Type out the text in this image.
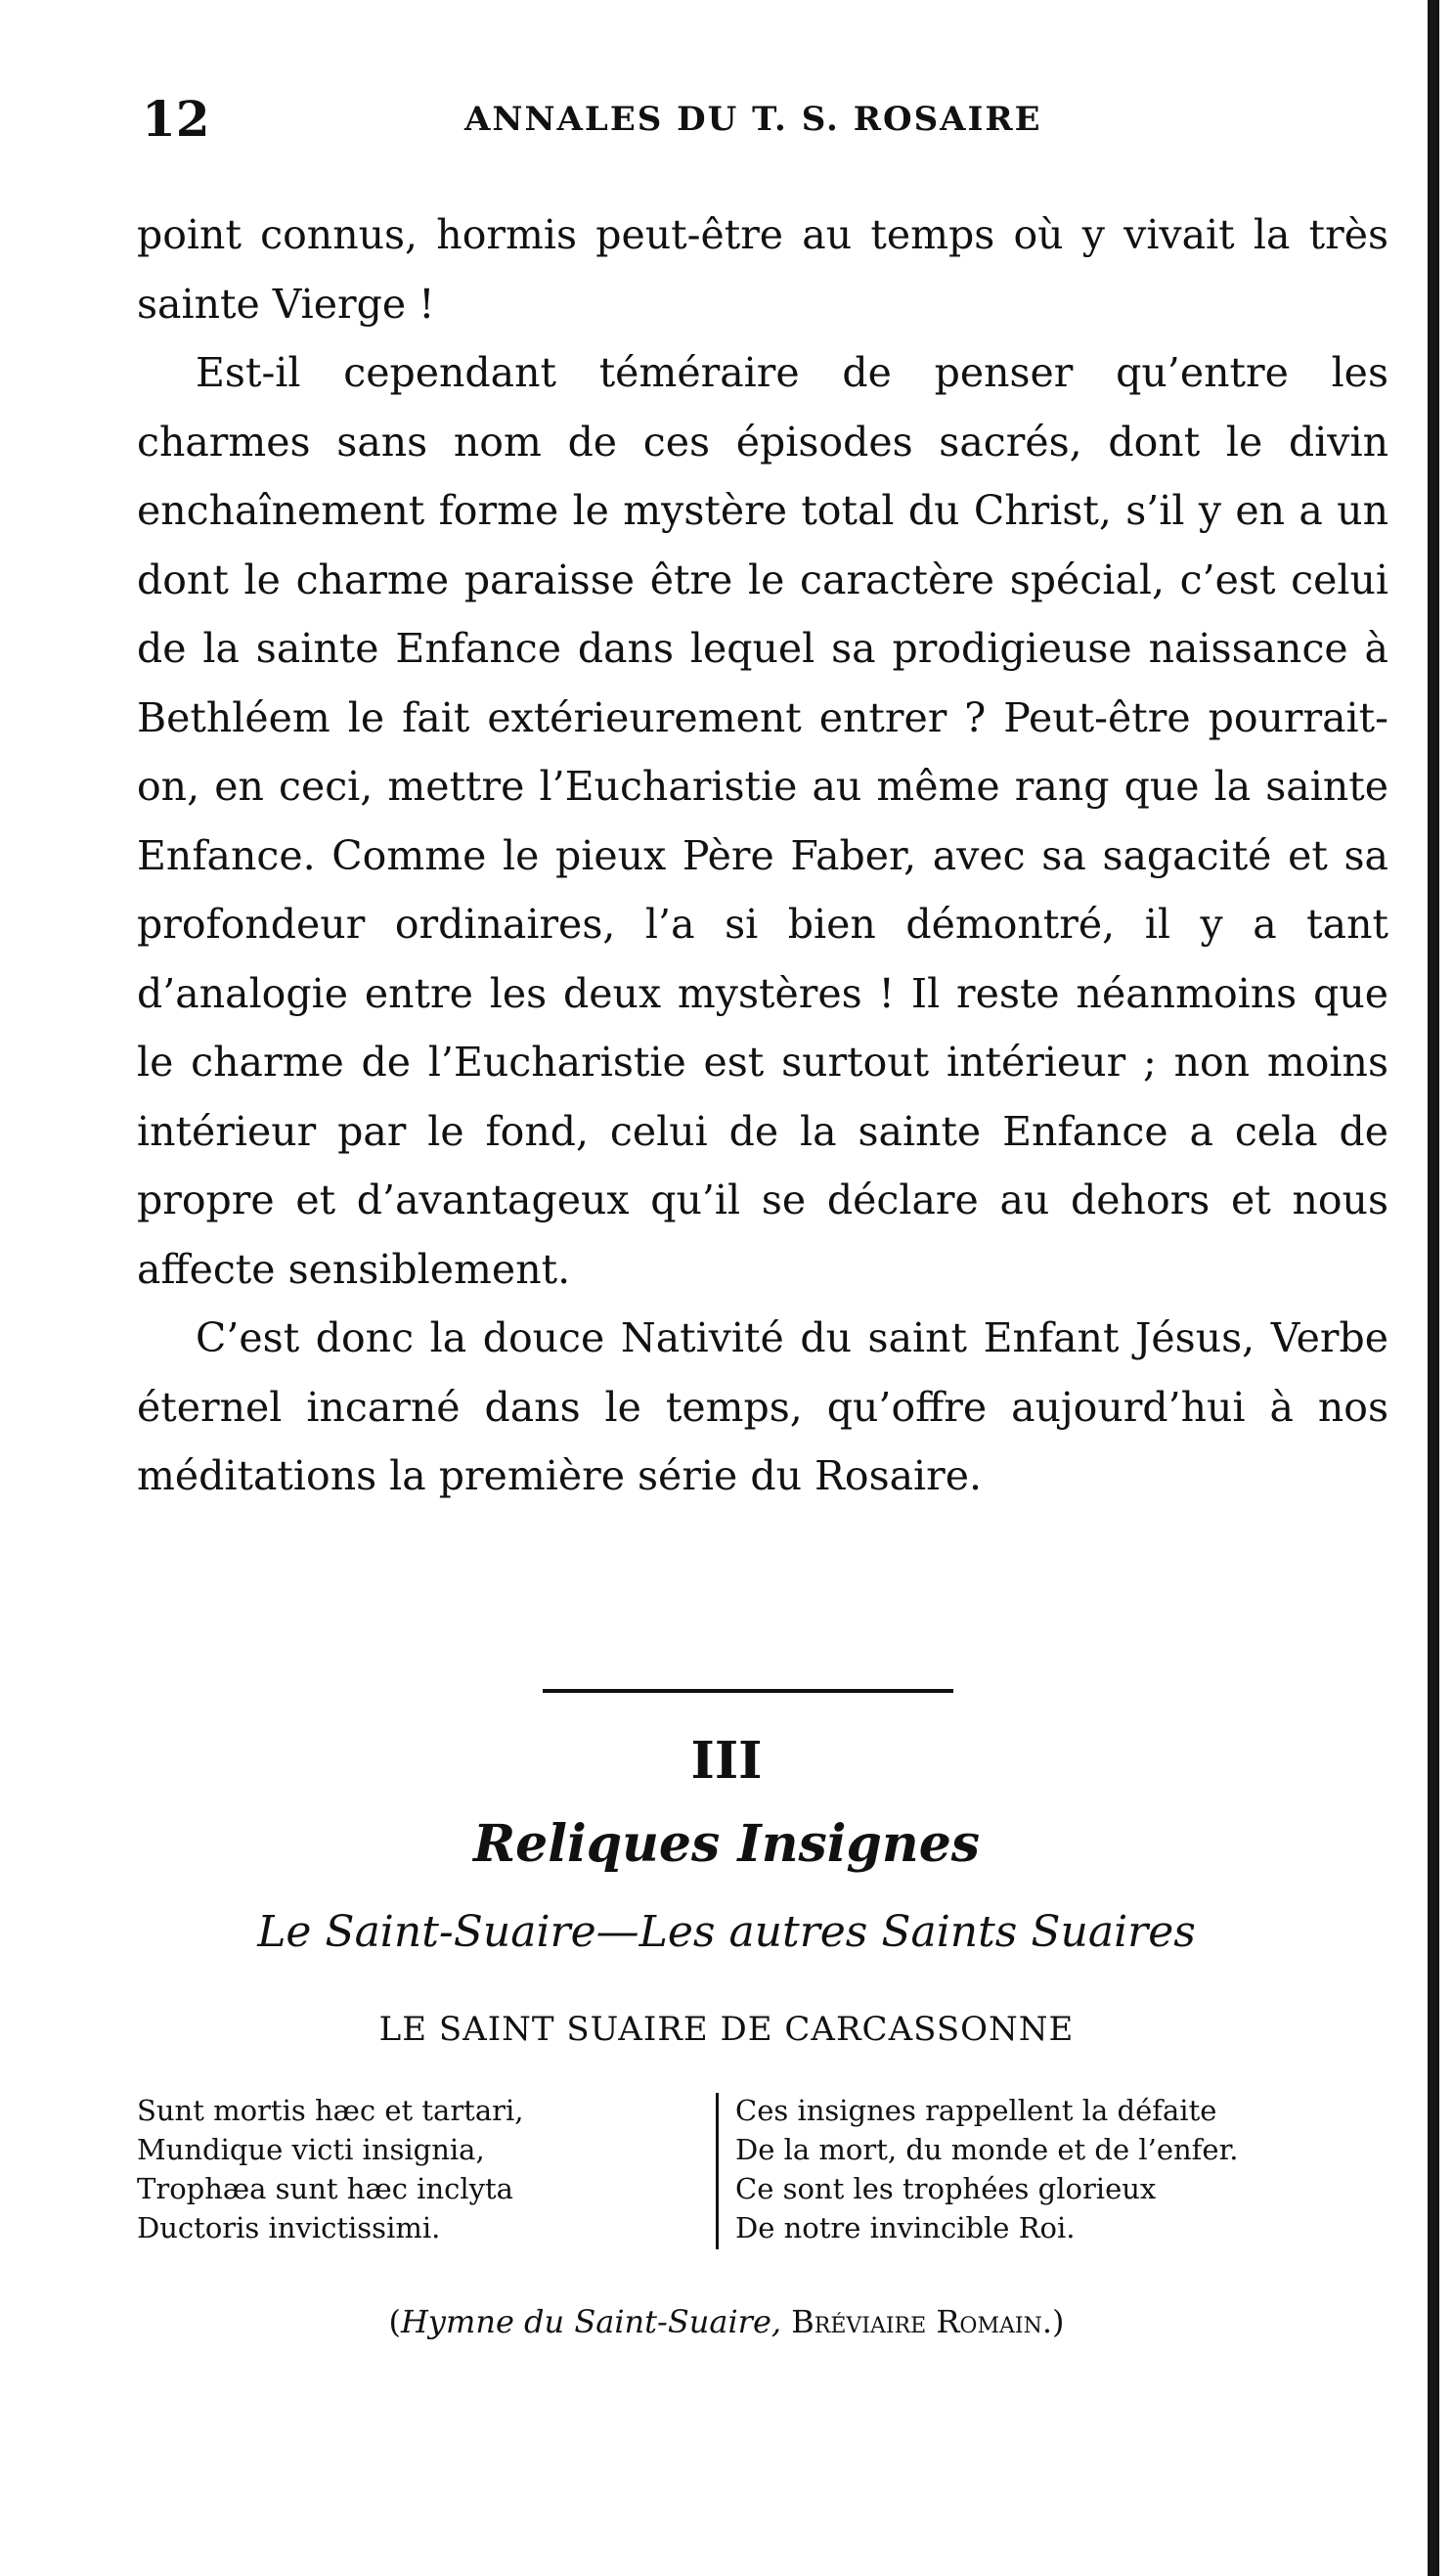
12	ANNALES DU T. S. ROSAIRE

point connus, hormis peut-être au temps où y vivait la très sainte Vierge !

Est-il cependant téméraire de penser qu’entre les charmes sans nom de ces épisodes sacrés, dont le divin enchaînement forme le mystère total du Christ, s’il y en a un dont le charme paraisse être le caractère spécial, c’est celui de la sainte Enfance dans lequel sa prodigieuse naissance à Bethléem le fait extérieurement entrer ? Peut-être pourrait-on, en ceci, mettre l’Eucharistie au même rang que la sainte Enfance. Comme le pieux Père Faber, avec sa sagacité et sa profondeur ordinaires, l’a si bien démontré, il y a tant d’analogie entre les deux mystères ! Il reste néanmoins que le charme de l’Eucharistie est surtout intérieur ; non moins intérieur par le fond, celui de la sainte Enfance a cela de propre et d’avantageux qu’il se déclare au dehors et nous affecte sensiblement.

C’est donc la douce Nativité du saint Enfant Jésus, Verbe éternel incarné dans le temps, qu’offre aujourd’hui à nos méditations la première série du Rosaire.

III
Reliques Insignes
Le Saint-Suaire—Les autres Saints Suaires
LE SAINT SUAIRE DE CARCASSONNE
Sunt mortis hæc et tartari,
Mundique victi insignia,
Trophæa sunt hæc inclyta
Ductoris invictissimi.
Ces insignes rappellent la défaite
De la mort, du monde et de l’enfer.
Ce sont les trophées glorieux
De notre invincible Roi.
(Hymne du Saint-Suaire, Bréviaire Romain.)
